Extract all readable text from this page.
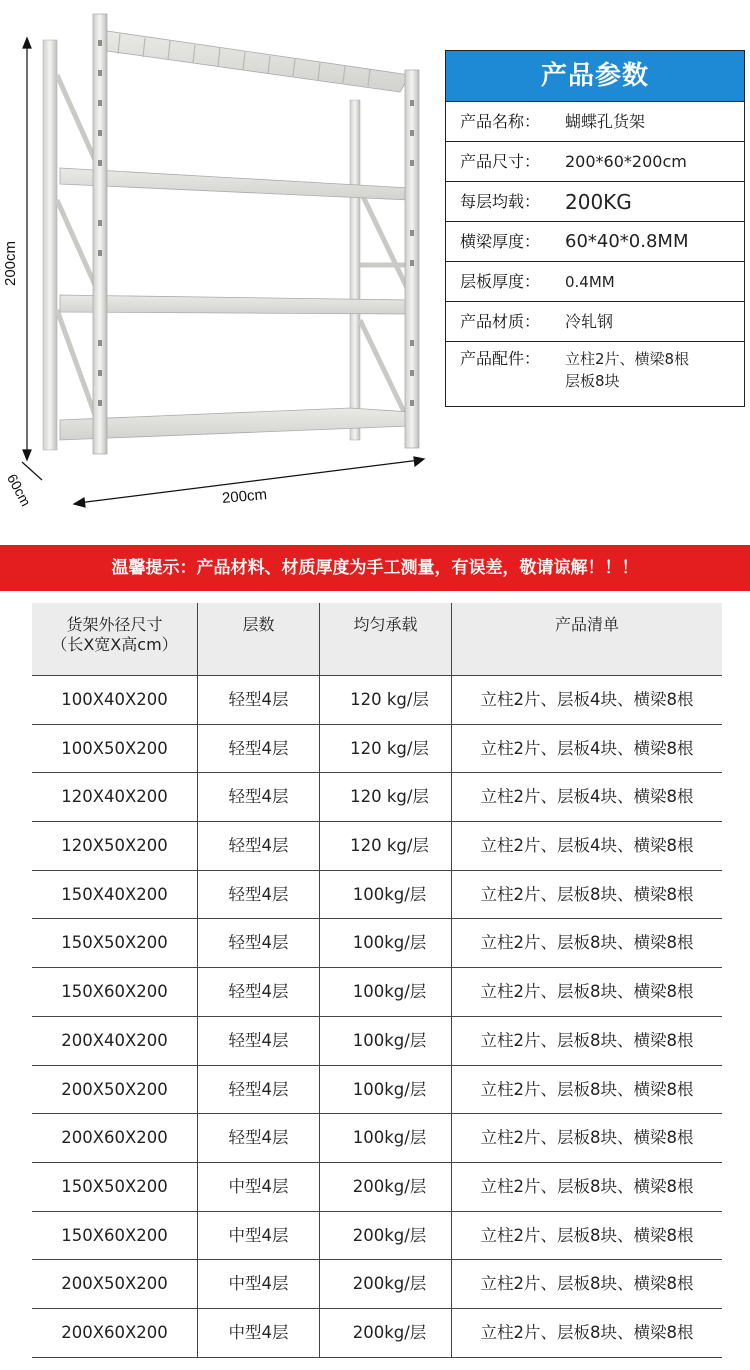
200cm
60cm	200cm
产品参数
产品名称：	蝴蝶孔货架
产品尺寸：	200*60*200cm
每层均载：	200KG
横梁厚度：	60*40*0.8MM
层板厚度：	0.4MM
产品材质：	冷轧钢
产品配件：	立柱2片、横梁8根
层板8块
温馨提示：产品材料、材质厚度为手工测量，有误差，敬请谅解！！！
货架外径尺寸
（长X宽X高cm）
层数	均匀承载	产品清单
100X40X200	轻型4层	120 kg/层	立柱2片、层板4块、横梁8根
100X50X200	轻型4层	120 kg/层	立柱2片、层板4块、横梁8根
120X40X200	轻型4层	120 kg/层	立柱2片、层板4块、横梁8根
120X50X200	轻型4层	120 kg/层	立柱2片、层板4块、横梁8根
150X40X200	轻型4层	100kg/层	立柱2片、层板8块、横梁8根
150X50X200	轻型4层	100kg/层	立柱2片、层板8块、横梁8根
150X60X200	轻型4层	100kg/层	立柱2片、层板8块、横梁8根
200X40X200	轻型4层	100kg/层	立柱2片、层板8块、横梁8根
200X50X200	轻型4层	100kg/层	立柱2片、层板8块、横梁8根
200X60X200	轻型4层	100kg/层	立柱2片、层板8块、横梁8根
150X50X200	中型4层	200kg/层	立柱2片、层板8块、横梁8根
150X60X200	中型4层	200kg/层	立柱2片、层板8块、横梁8根
200X50X200	中型4层	200kg/层	立柱2片、层板8块、横梁8根
200X60X200	中型4层	200kg/层	立柱2片、层板8块、横梁8根
